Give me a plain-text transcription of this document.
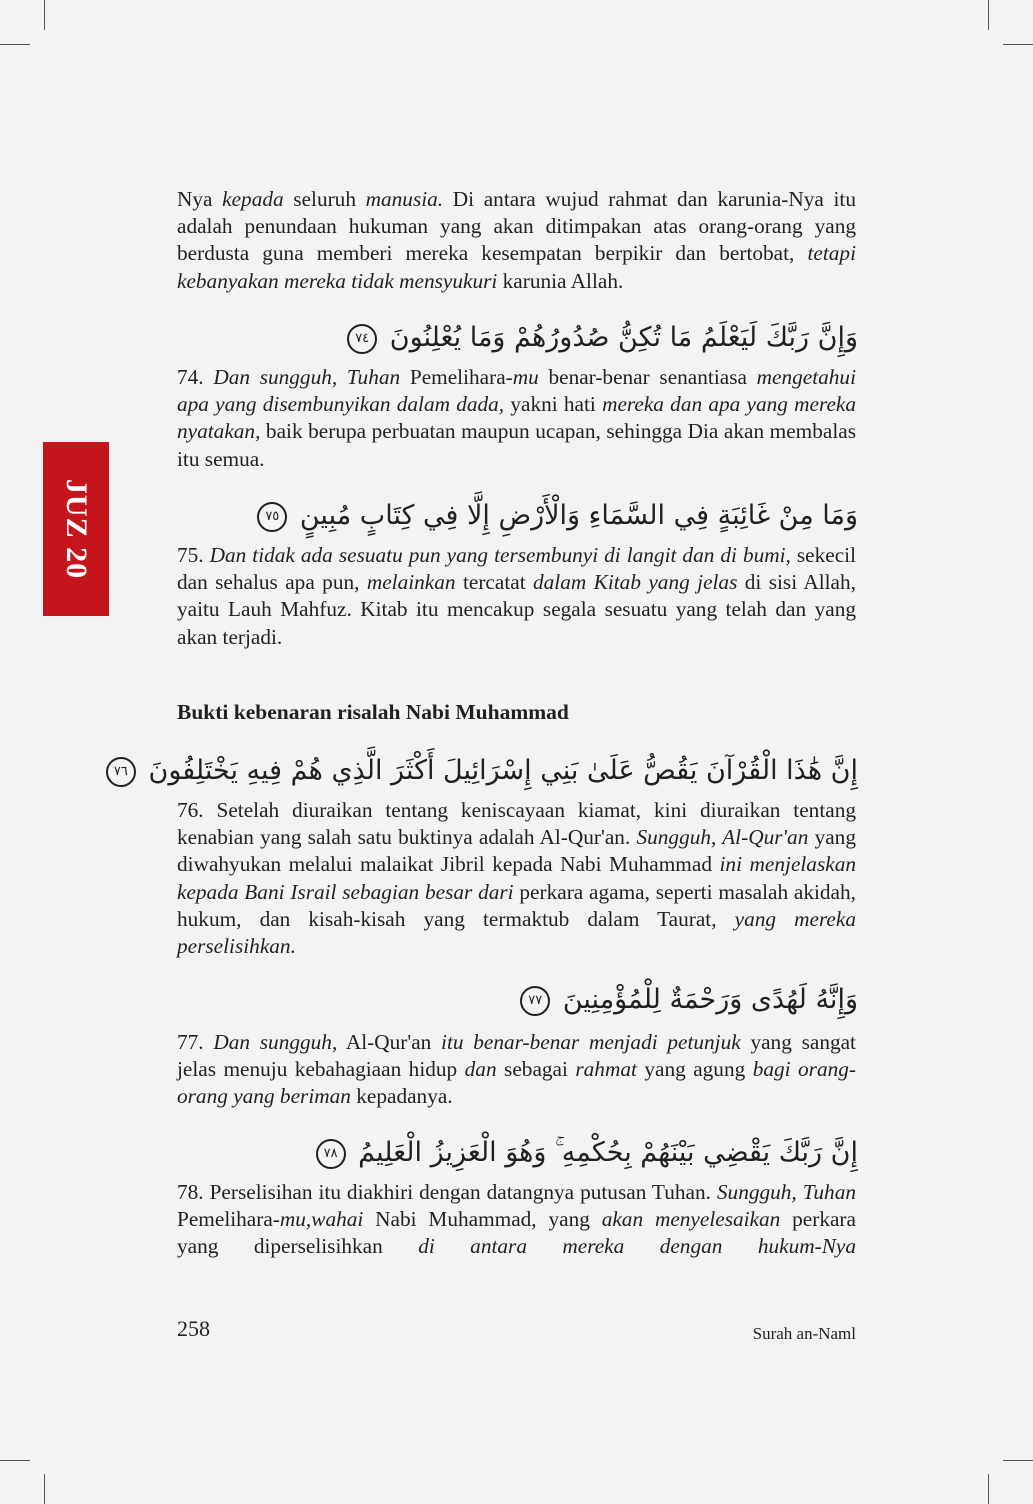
JUZ 20
Nya kepada seluruh manusia. Di antara wujud rahmat dan karunia-Nya itu adalah penundaan hukuman yang akan ditimpakan atas orang-orang yang berdusta guna memberi mereka kesempatan berpikir dan bertobat, tetapi kebanyakan mereka tidak mensyukuri karunia Allah.
وَإِنَّ رَبَّكَ لَيَعْلَمُ مَا تُكِنُّ صُدُورُهُمْ وَمَا يُعْلِنُونَ ٧٤
74. Dan sungguh, Tuhan Pemelihara-mu benar-benar senantiasa mengetahui apa yang disembunyikan dalam dada, yakni hati mereka dan apa yang mereka nyatakan, baik berupa perbuatan maupun ucapan, sehingga Dia akan membalas itu semua.
وَمَا مِنْ غَائِبَةٍ فِي السَّمَاءِ وَالْأَرْضِ إِلَّا فِي كِتَابٍ مُبِينٍ ٧٥
75. Dan tidak ada sesuatu pun yang tersembunyi di langit dan di bumi, sekecil dan sehalus apa pun, melainkan tercatat dalam Kitab yang jelas di sisi Allah, yaitu Lauh Mahfuz. Kitab itu mencakup segala sesuatu yang telah dan yang akan terjadi.
Bukti kebenaran risalah Nabi Muhammad
إِنَّ هَٰذَا الْقُرْآنَ يَقُصُّ عَلَىٰ بَنِي إِسْرَائِيلَ أَكْثَرَ الَّذِي هُمْ فِيهِ يَخْتَلِفُونَ ٧٦
76. Setelah diuraikan tentang keniscayaan kiamat, kini diuraikan tentang kenabian yang salah satu buktinya adalah Al-Qur'an. Sungguh, Al-Qur'an yang diwahyukan melalui malaikat Jibril kepada Nabi Muhammad ini menjelaskan kepada Bani Israil sebagian besar dari perkara agama, seperti masalah akidah, hukum, dan kisah-kisah yang termaktub dalam Taurat, yang mereka perselisihkan.
وَإِنَّهُ لَهُدًى وَرَحْمَةٌ لِلْمُؤْمِنِينَ ٧٧
77. Dan sungguh, Al-Qur'an itu benar-benar menjadi petunjuk yang sangat jelas menuju kebahagiaan hidup dan sebagai rahmat yang agung bagi orang-orang yang beriman kepadanya.
إِنَّ رَبَّكَ يَقْضِي بَيْنَهُمْ بِحُكْمِهِ ۚ وَهُوَ الْعَزِيزُ الْعَلِيمُ ٧٨
78. Perselisihan itu diakhiri dengan datangnya putusan Tuhan. Sungguh, Tuhan Pemelihara-mu,wahai Nabi Muhammad, yang akan menyelesaikan perkara yang diperselisihkan di antara mereka dengan hukum-Nya
258	Surah an-Naml
